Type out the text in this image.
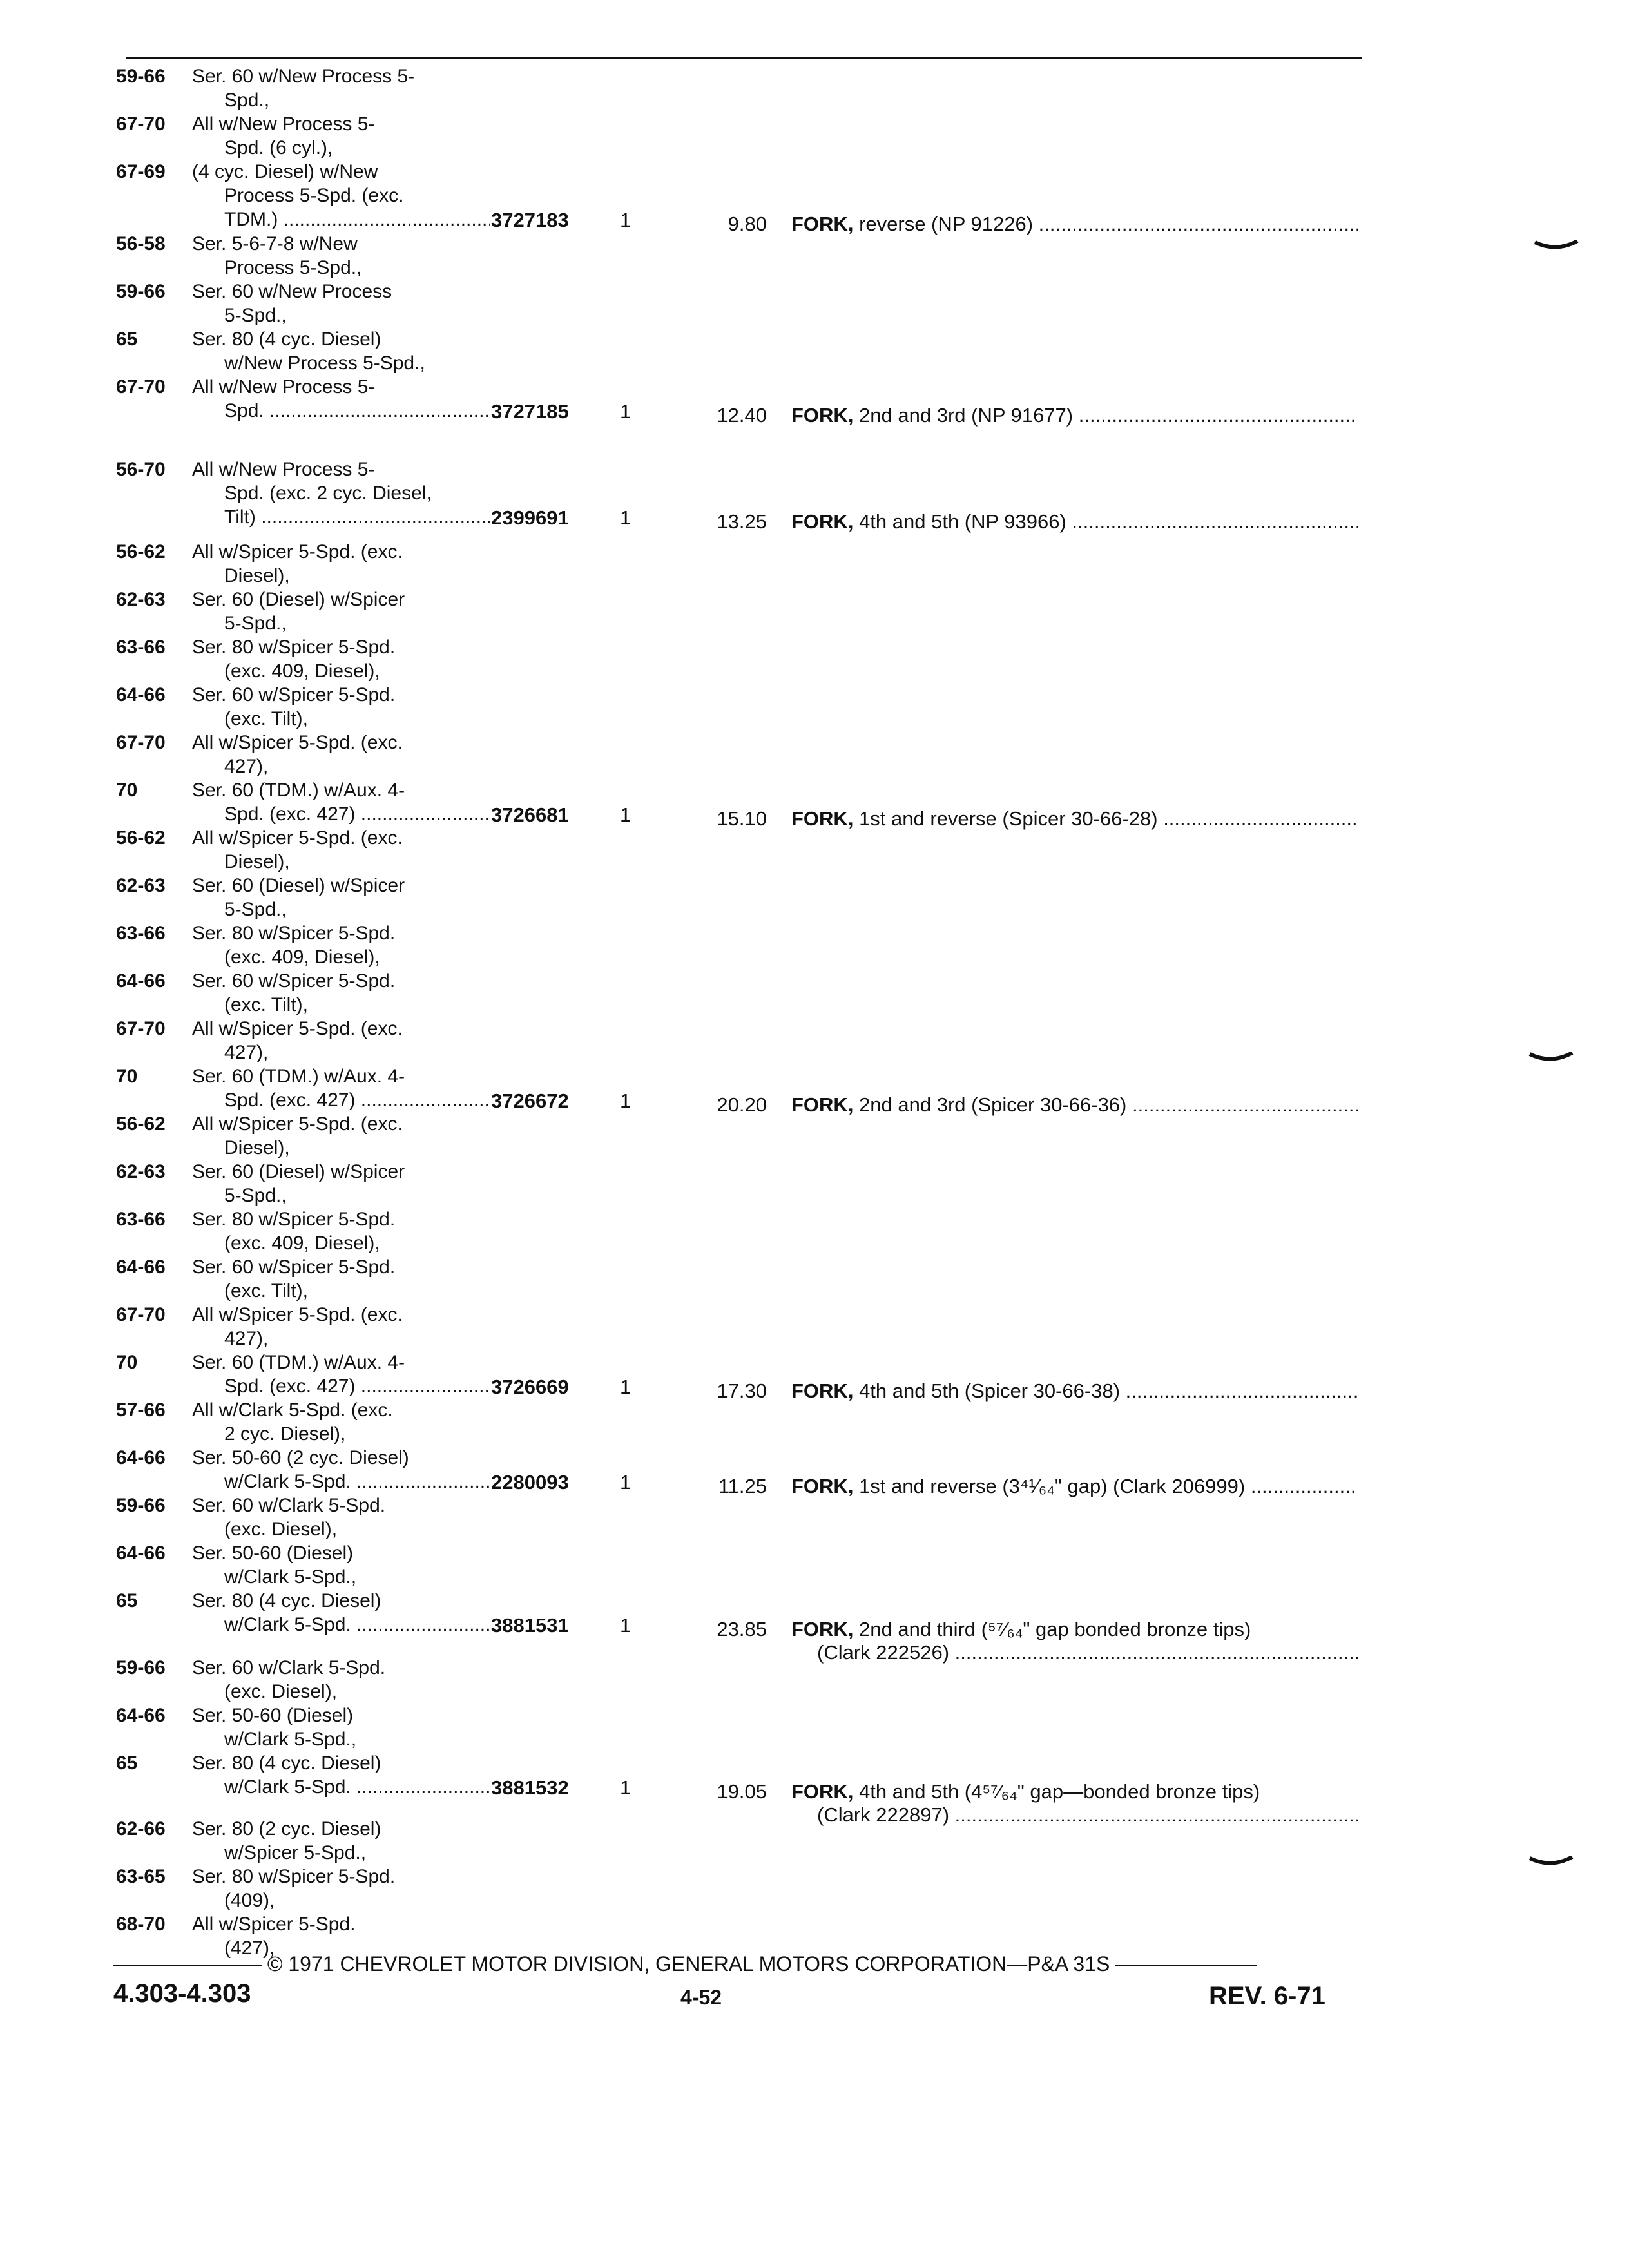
59-66 Ser. 60 w/New Process 5-
Spd.,
67-70 All w/New Process 5-
Spd. (6 cyl.),
67-69 (4 cyc. Diesel) w/New
Process 5-Spd. (exc.
TDM.) .....	3727183	1	9.80 FORK, reverse (NP 91226) .....
56-58 Ser. 5-6-7-8 w/New
Process 5-Spd.,
59-66 Ser. 60 w/New Process
5-Spd.,
65	Ser. 80 (4 cyc. Diesel)
w/New Process 5-Spd.,
67-70 All w/New Process 5-
Spd. .....	3727185	1	12.40 FORK, 2nd and 3rd (NP 91677) .....
56-70 All w/New Process 5-
Spd. (exc. 2 cyc. Diesel,
Tilt) .....	2399691	1	13.25 FORK, 4th and 5th (NP 93966) .....
56-62 All w/Spicer 5-Spd. (exc.
Diesel),
62-63 Ser. 60 (Diesel) w/Spicer
5-Spd.,
63-66 Ser. 80 w/Spicer 5-Spd.
(exc. 409, Diesel),
64-66 Ser. 60 w/Spicer 5-Spd.
(exc. Tilt),
67-70 All w/Spicer 5-Spd. (exc.
427),
70	Ser. 60 (TDM.) w/Aux. 4-
Spd. (exc. 427) .....	3726681	1	15.10 FORK, 1st and reverse (Spicer 30-66-28) .....
56-62 All w/Spicer 5-Spd. (exc.
Diesel),
62-63 Ser. 60 (Diesel) w/Spicer
5-Spd.,
63-66 Ser. 80 w/Spicer 5-Spd.
(exc. 409, Diesel),
64-66 Ser. 60 w/Spicer 5-Spd.
(exc. Tilt),
67-70 All w/Spicer 5-Spd. (exc.
427),
70	Ser. 60 (TDM.) w/Aux. 4-
Spd. (exc. 427) .....	3726672	1	20.20 FORK, 2nd and 3rd (Spicer 30-66-36) .....
56-62 All w/Spicer 5-Spd. (exc.
Diesel),
62-63 Ser. 60 (Diesel) w/Spicer
5-Spd.,
63-66 Ser. 80 w/Spicer 5-Spd.
(exc. 409, Diesel),
64-66 Ser. 60 w/Spicer 5-Spd.
(exc. Tilt),
67-70 All w/Spicer 5-Spd. (exc.
427),
70	Ser. 60 (TDM.) w/Aux. 4-
Spd. (exc. 427) .....	3726669	1	17.30 FORK, 4th and 5th (Spicer 30-66-38) .....
57-66 All w/Clark 5-Spd. (exc.
2 cyc. Diesel),
64-66 Ser. 50-60 (2 cyc. Diesel)
w/Clark 5-Spd. .....	2280093	1	11.25 FORK, 1st and reverse (3⁴¹⁄₆₄" gap) (Clark 206999) .....
59-66 Ser. 60 w/Clark 5-Spd.
(exc. Diesel),
64-66 Ser. 50-60 (Diesel)
w/Clark 5-Spd.,
65	Ser. 80 (4 cyc. Diesel)
w/Clark 5-Spd. .....	3881531	1	23.85 FORK, 2nd and third (⁵⁷⁄₆₄" gap bonded bronze tips)
(Clark 222526) .....
59-66 Ser. 60 w/Clark 5-Spd.
(exc. Diesel),
64-66 Ser. 50-60 (Diesel)
w/Clark 5-Spd.,
65	Ser. 80 (4 cyc. Diesel)
w/Clark 5-Spd. .....	3881532	1	19.05 FORK, 4th and 5th (4⁵⁷⁄₆₄" gap—bonded bronze tips)
(Clark 222897) .....
62-66 Ser. 80 (2 cyc. Diesel)
w/Spicer 5-Spd.,
63-65 Ser. 80 w/Spicer 5-Spd.
(409),
68-70 All w/Spicer 5-Spd.
(427),
© 1971 CHEVROLET MOTOR DIVISION, GENERAL MOTORS CORPORATION—P&A 31S
4.303-4.303	4-52	REV. 6-71
